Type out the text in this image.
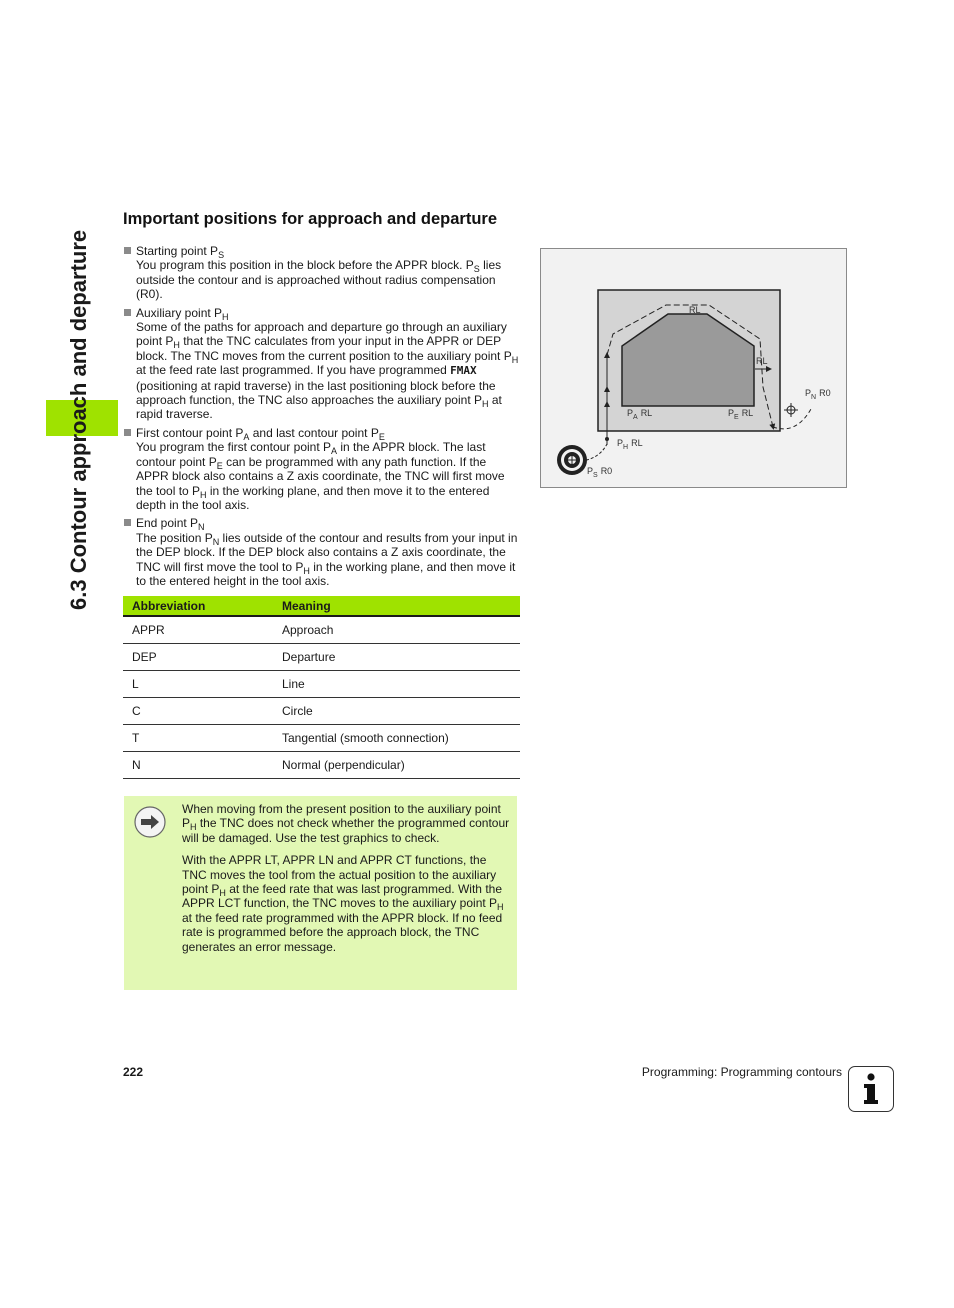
6.3 Contour approach and departure
Important positions for approach and departure

Starting point $P_S$

You program this position in the block before the APPR block. $P_S$ lies outside the contour and is approached without radius compensation (R0).

Auxiliary point $P_H$

Some of the paths for approach and departure go through an auxiliary point $P_H$ that the TNC calculates from your input in the APPR or DEP block. The TNC moves from the current position to the auxiliary point $P_H$ at the feed rate last programmed. If you have programmed FMAX (positioning at rapid traverse) in the last positioning block before the approach function, the TNC also approaches the auxiliary point $P_H$ at rapid traverse.

First contour point $P_A$ and last contour point $P_E$

You program the first contour point $P_A$ in the APPR block. The last contour point $P_E$ can be programmed with any path function. If the APPR block also contains a Z axis coordinate, the TNC will first move the tool to $P_H$ in the working plane, and then move it to the entered depth in the tool axis.

End point $P_N$

The position $P_N$ lies outside of the contour and results from your input in the DEP block. If the DEP block also contains a Z axis coordinate, the TNC will first move the tool to $P_H$ in the working plane, and then move it to the entered height in the tool axis.

Abbreviation	Meaning
APPR	Approach
DEP	Departure
L	Line
C	Circle
T	Tangential (smooth connection)
N	Normal (perpendicular)

When moving from the present position to the auxiliary point $P_H$ the TNC does not check whether the programmed contour will be damaged. Use the test graphics to check.

With the APPR LT, APPR LN and APPR CT functions, the TNC moves the tool from the actual position to the auxiliary point $P_H$ at the feed rate that was last programmed. With the APPR LCT function, the TNC moves to the auxiliary point $P_H$ at the feed rate programmed with the APPR block. If no feed rate is programmed before the approach block, the TNC generates an error message.

RL
RL
$P_A$ RL	$P_E$ RL
$P_N$ R0
$P_H$ RL
$P_S$ R0
222	Programming: Programming contours
